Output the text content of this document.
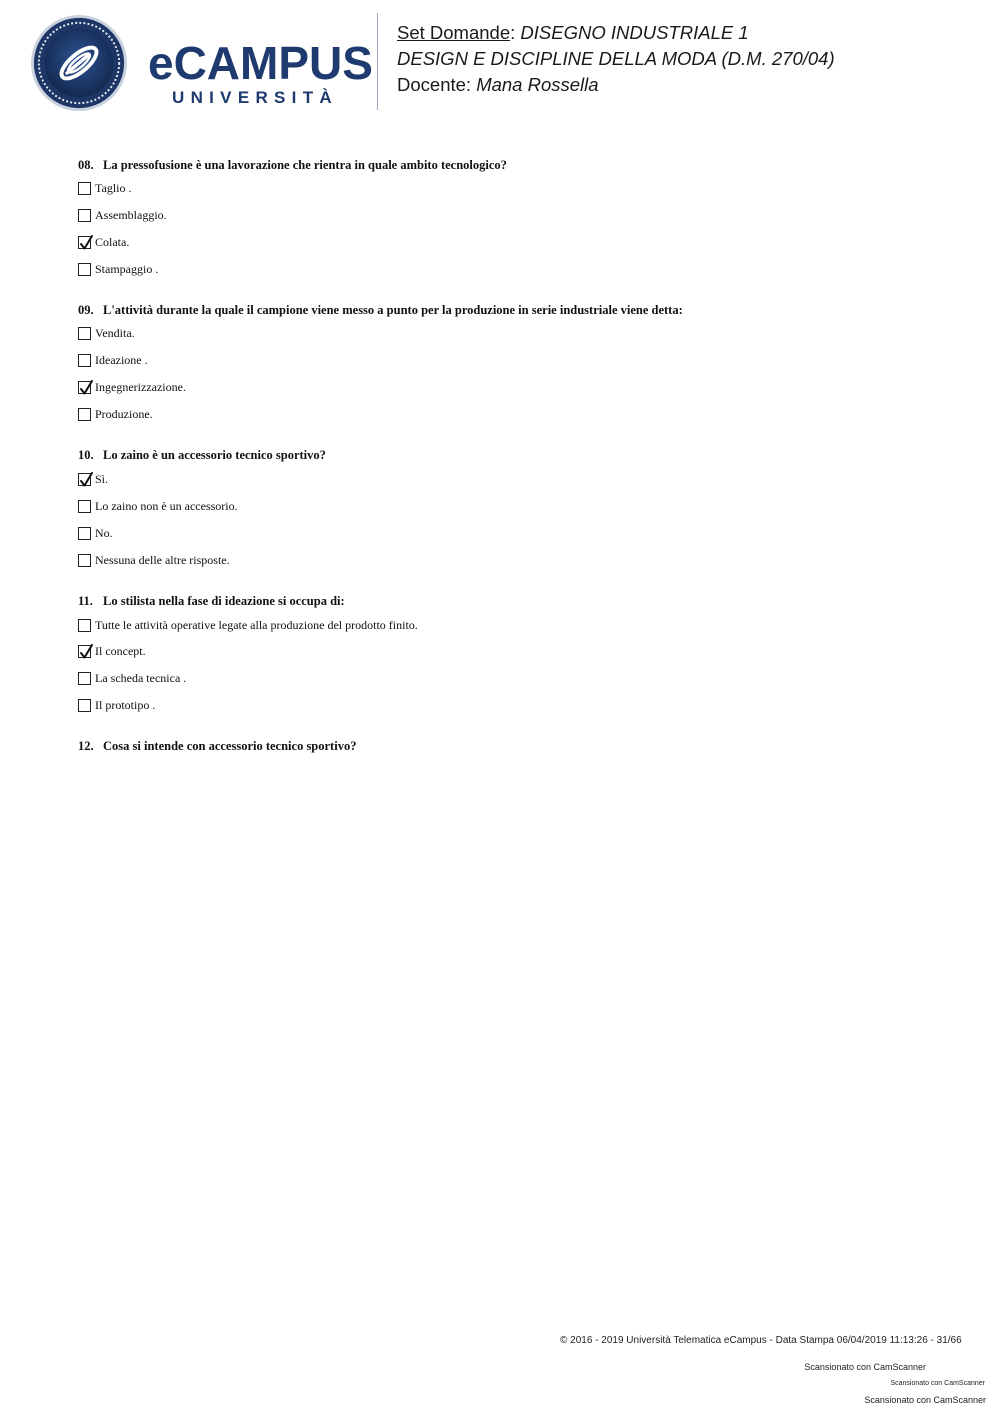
eCAMPUS
UNIVERSITÀ
Set Domande: DISEGNO INDUSTRIALE 1
DESIGN E DISCIPLINE DELLA MODA (D.M. 270/04)
Docente: Mana Rossella
08. La pressofusione è una lavorazione che rientra in quale ambito tecnologico?
Taglio .
Assemblaggio.
Colata.
Stampaggio .
09. L'attività durante la quale il campione viene messo a punto per la produzione in serie industriale viene detta:
Vendita.
Ideazione .
Ingegnerizzazione.
Produzione.
10. Lo zaino è un accessorio tecnico sportivo?
Sì.
Lo zaino non è un accessorio.
No.
Nessuna delle altre risposte.
11. Lo stilista nella fase di ideazione si occupa di:
Tutte le attività operative legate alla produzione del prodotto finito.
Il concept.
La scheda tecnica .
Il prototipo .
12. Cosa si intende con accessorio tecnico sportivo?
© 2016 - 2019 Università Telematica eCampus - Data Stampa 06/04/2019 11:13:26 - 31/66
Scansionato con CamScanner
Scansionato con CamScanner
Scansionato con CamScanner
